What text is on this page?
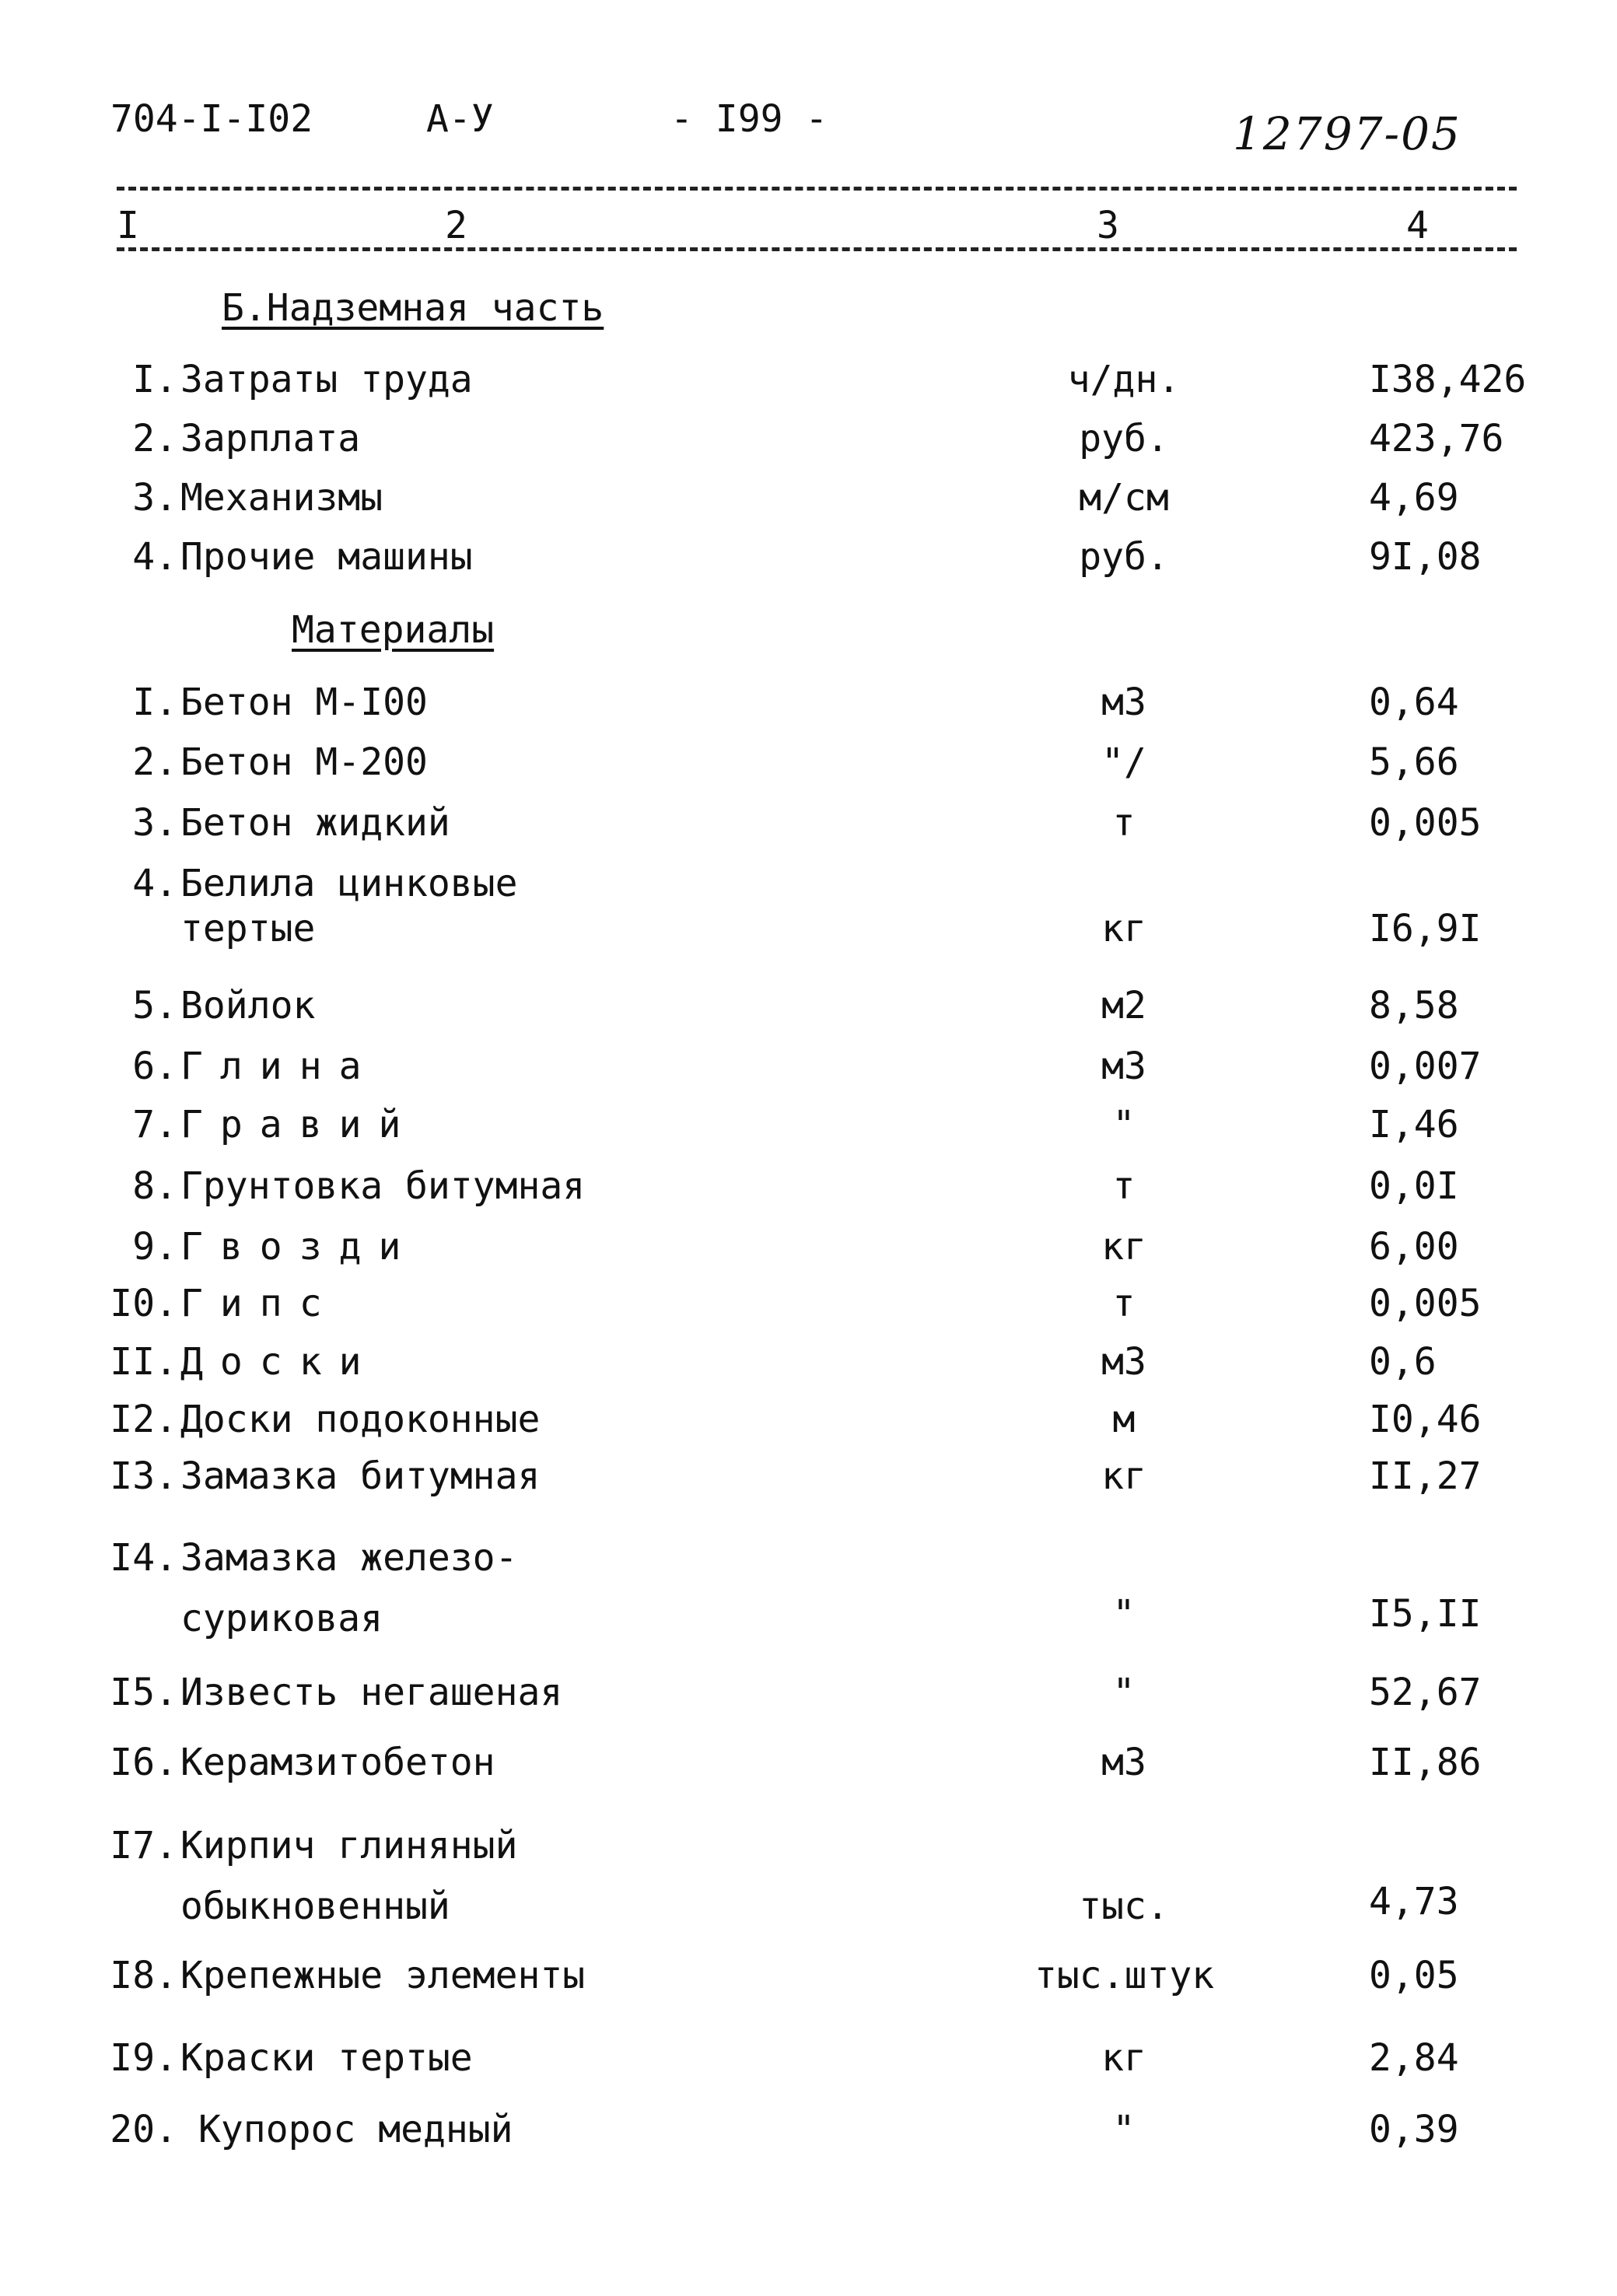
704-I-I02	А-У	- I99 -	12797-05
I	2	3	4
Б.Надземная часть
I. Затраты труда	ч/дн.	I38,426
2. Зарплата	руб.	423,76
3. Механизмы	м/см	4,69
4. Прочие машины	руб.	9I,08
Материалы
I. Бетон М-I00	м3	0,64
2. Бетон М-200	"/	5,66
3. Бетон жидкий	т	0,005
4. Белила цинковые
тертые	кг	I6,9I
5. Войлок	м2	8,58
6. Глина	м3	0,007
7. Гравий	"	I,46
8. Грунтовка битумная	т	0,0I
9. Гвозди	кг	6,00
I0. Гипс	т	0,005
II. Доски	м3	0,6
I2. Доски подоконные	м	I0,46
I3. Замазка битумная	кг	II,27
I4. Замазка железо-
суриковая	"	I5,II
I5. Известь негашеная	"	52,67
I6. Керамзитобетон	м3	II,86
I7. Кирпич глиняный
обыкновенный	тыс.	4,73
I8. Крепежные элементы	тыс.штук	0,05
I9. Краски тертые	кг	2,84
20. Купорос медный	"	0,39
